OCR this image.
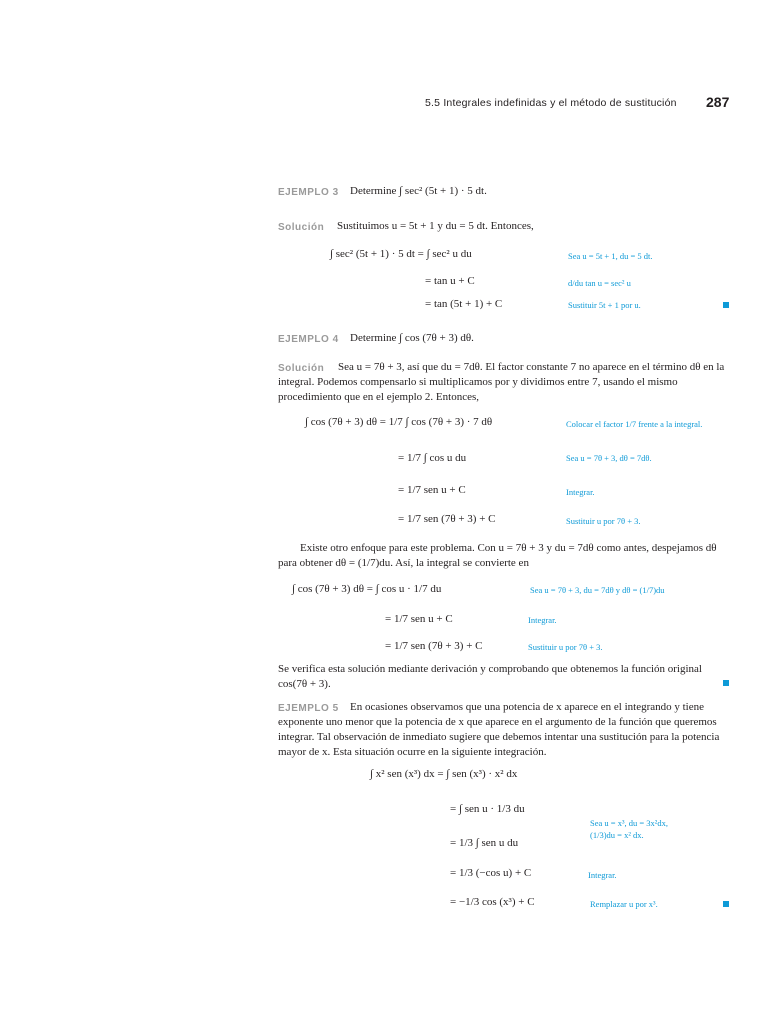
5.5 Integrales indefinidas y el método de sustitución 287
EJEMPLO 3 Determine ∫ sec² (5t + 1) · 5 dt.
Solución Sustituimos u = 5t + 1 y du = 5 dt. Entonces,
∫ sec² (5t + 1) · 5 dt = ∫ sec² u du
= tan u + C
= tan (5t + 1) + C
Sea u = 5t + 1, du = 5 dt.
d/du tan u = sec² u
Sustituir 5t + 1 por u.
EJEMPLO 4 Determine ∫ cos (7θ + 3) dθ.
Solución	Sea u = 7θ + 3, así que du = 7dθ. El factor constante 7 no aparece en el término dθ en la integral. Podemos compensarlo si multiplicamos por y dividimos entre 7, usando el mismo procedimiento que en el ejemplo 2. Entonces,
∫ cos (7θ + 3) dθ = 1/7 ∫ cos (7θ + 3) · 7 dθ
= 1/7 ∫ cos u du
= 1/7 sen u + C
= 1/7 sen (7θ + 3) + C
Colocar el factor 1/7 frente a la integral.
Sea u = 7θ + 3, dθ = 7dθ.
Integrar.
Sustituir u por 7θ + 3.
Existe otro enfoque para este problema. Con u = 7θ + 3 y du = 7dθ como antes, despejamos dθ para obtener dθ = (1/7)du. Así, la integral se convierte en
∫ cos (7θ + 3) dθ = ∫ cos u · 1/7 du
= 1/7 sen u + C
= 1/7 sen (7θ + 3) + C
Sea u = 7θ + 3, du = 7dθ y dθ = (1/7)du
Integrar.
Sustituir u por 7θ + 3.
Se verifica esta solución mediante derivación y comprobando que obtenemos la función original cos(7θ + 3).
EJEMPLO 5	En ocasiones observamos que una potencia de x aparece en el integrando y tiene exponente uno menor que la potencia de x que aparece en el argumento de la función que queremos integrar. Tal observación de inmediato sugiere que debemos intentar una sustitución para la potencia mayor de x. Esta situación ocurre en la siguiente integración.
∫ x² sen (x³) dx = ∫ sen (x³) · x² dx
= ∫ sen u · 1/3 du
= 1/3 ∫ sen u du
= 1/3 (−cos u) + C
= −1/3 cos (x³) + C
Sea u = x³, du = 3x²dx,
(1/3)du = x² dx.
Integrar.
Remplazar u por x³.
